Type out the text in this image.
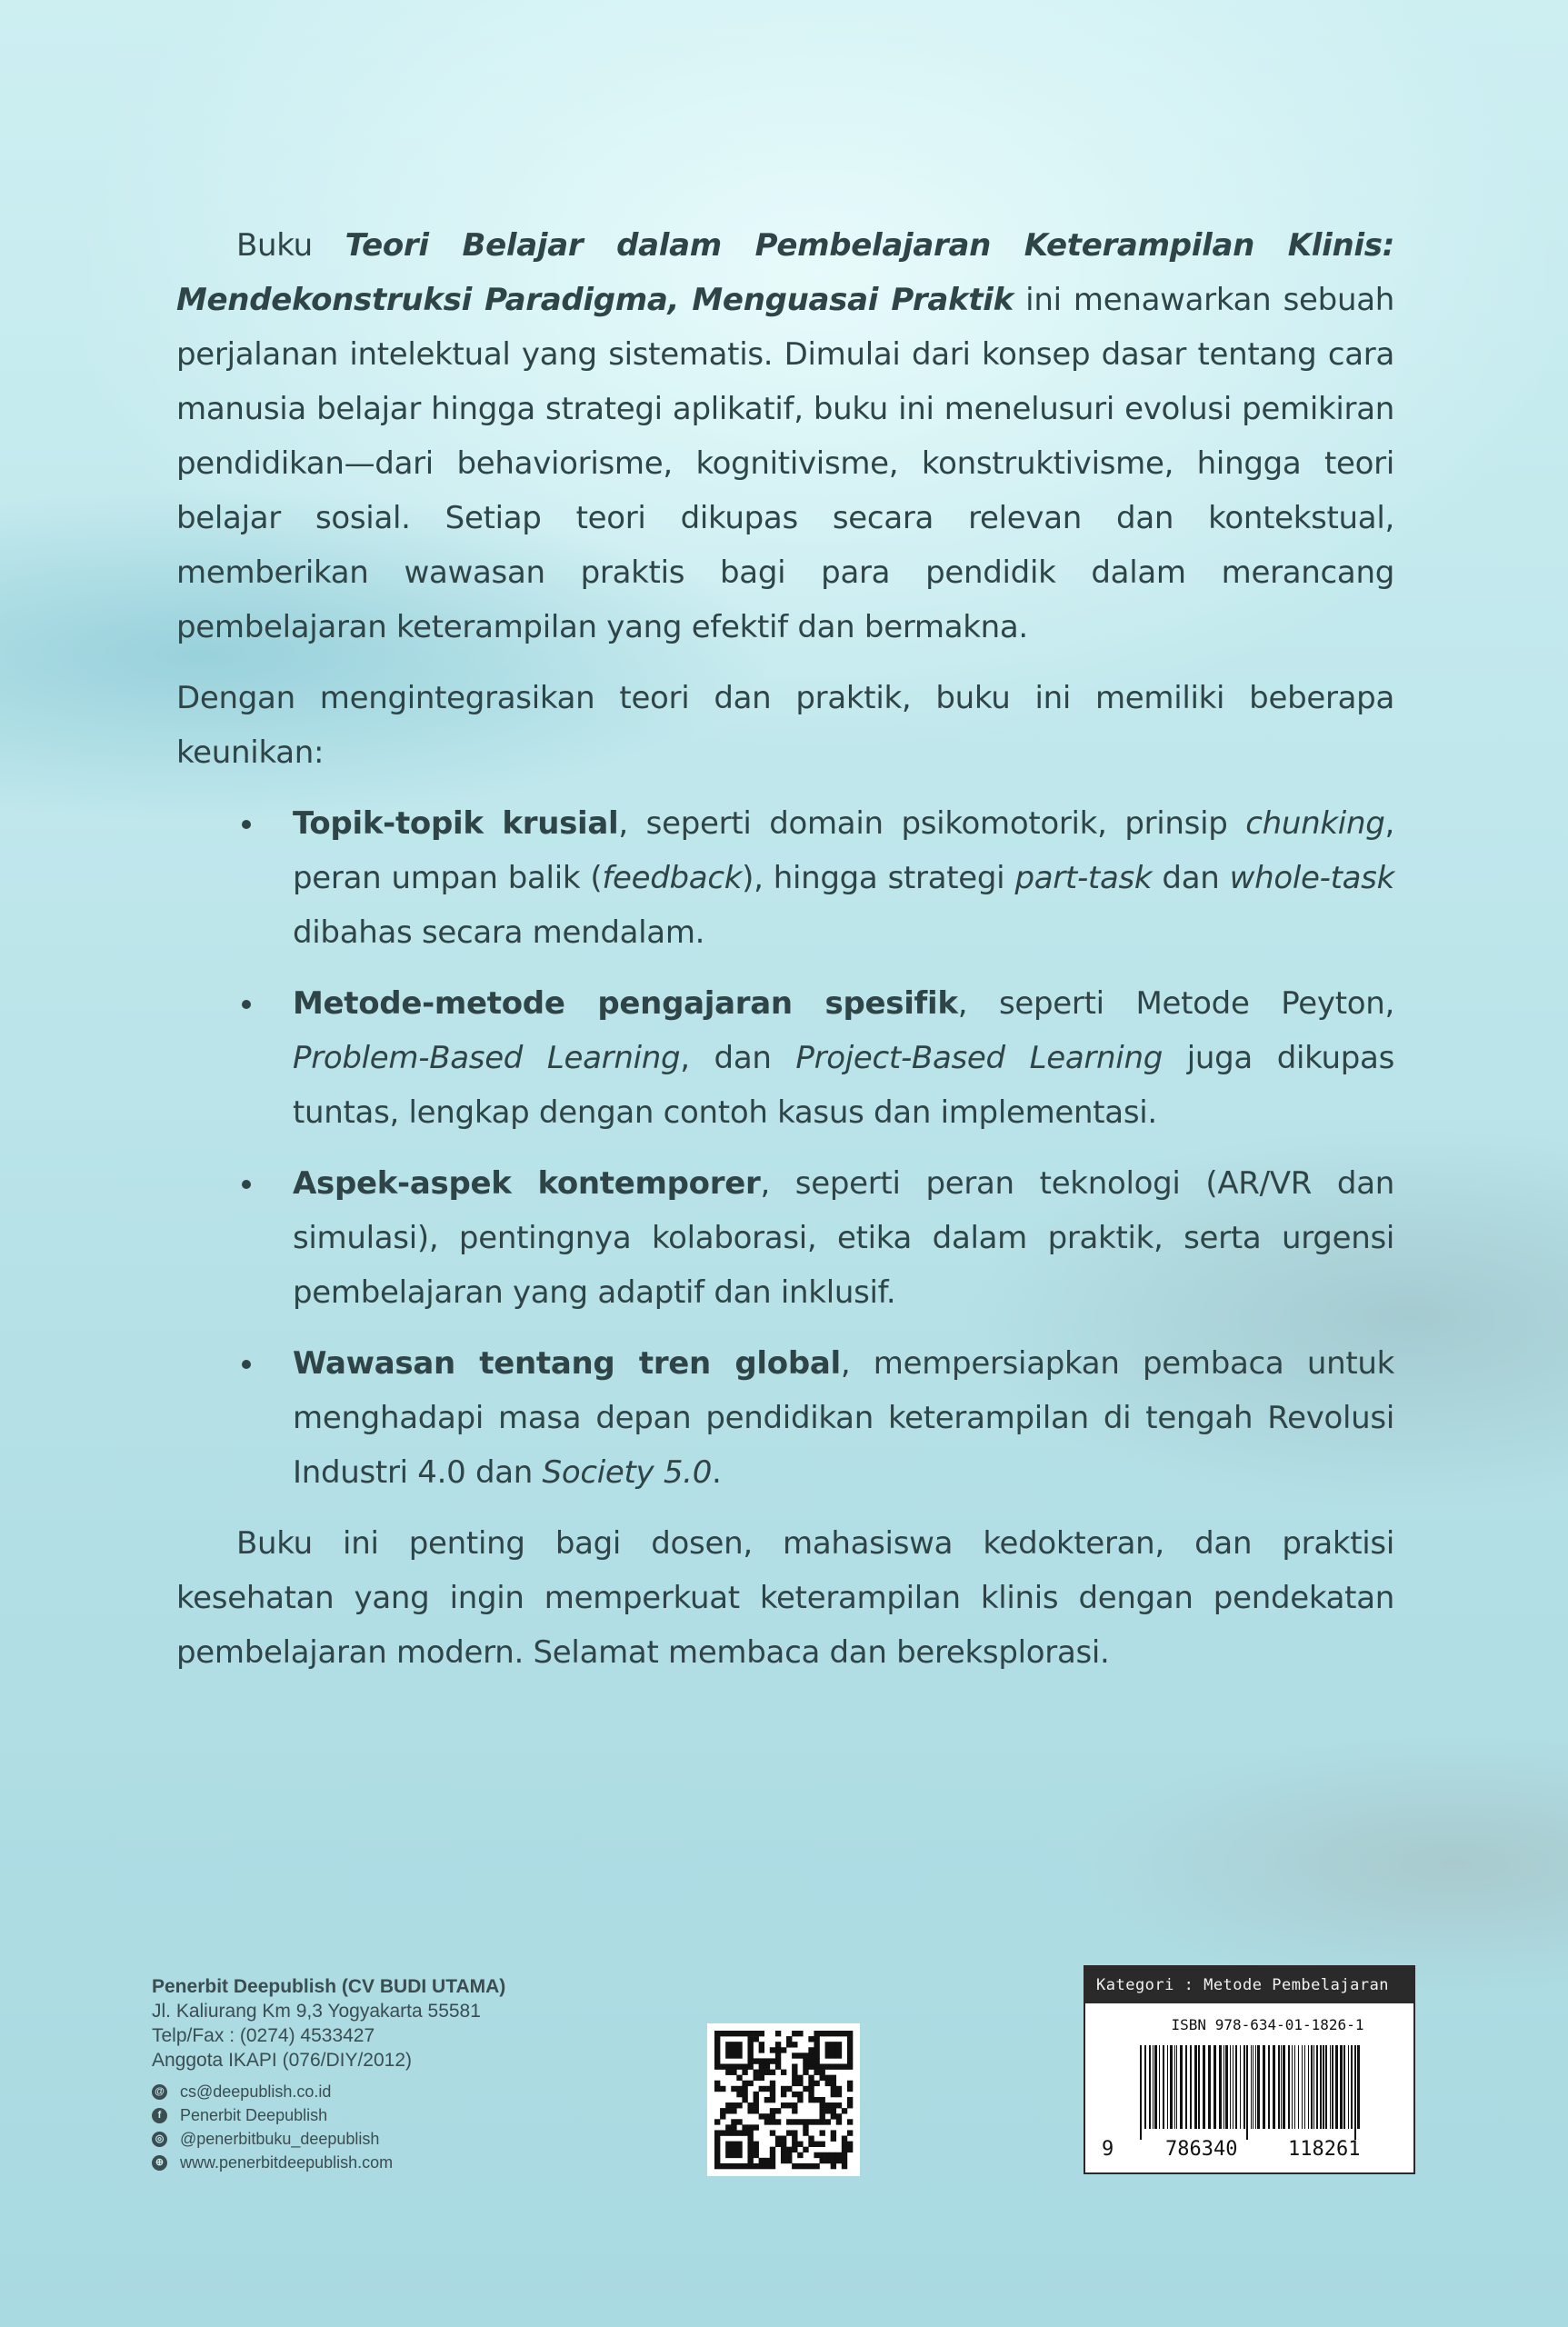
Buku Teori Belajar dalam Pembelajaran Keterampilan Klinis: Mendekonstruksi Paradigma, Menguasai Praktik ini menawarkan sebuah perjalanan intelektual yang sistematis. Dimulai dari konsep dasar tentang cara manusia belajar hingga strategi aplikatif, buku ini menelusuri evolusi pemikiran pendidikan—dari behaviorisme, kognitivisme, konstruktivisme, hingga teori belajar sosial. Setiap teori dikupas secara relevan dan kontekstual, memberikan wawasan praktis bagi para pendidik dalam merancang pembelajaran keterampilan yang efektif dan bermakna.

Dengan mengintegrasikan teori dan praktik, buku ini memiliki beberapa keunikan:

Topik-topik krusial, seperti domain psikomotorik, prinsip chunking, peran umpan balik (feedback), hingga strategi part-task dan whole-task dibahas secara mendalam.
Metode-metode pengajaran spesifik, seperti Metode Peyton, Problem-Based Learning, dan Project-Based Learning juga dikupas tuntas, lengkap dengan contoh kasus dan implementasi.
Aspek-aspek kontemporer, seperti peran teknologi (AR/VR dan simulasi), pentingnya kolaborasi, etika dalam praktik, serta urgensi pembelajaran yang adaptif dan inklusif.
Wawasan tentang tren global, mempersiapkan pembaca untuk menghadapi masa depan pendidikan keterampilan di tengah Revolusi Industri 4.0 dan Society 5.0.

Buku ini penting bagi dosen, mahasiswa kedokteran, dan praktisi kesehatan yang ingin memperkuat keterampilan klinis dengan pendekatan pembelajaran modern. Selamat membaca dan bereksplorasi.

Penerbit Deepublish (CV BUDI UTAMA)
Jl. Kaliurang Km 9,3 Yogyakarta 55581
Telp/Fax : (0274) 4533427
Anggota IKAPI (076/DIY/2012)
@ cs@deepublish.co.id
f	Penerbit Deepublish
◎ @penerbitbuku_deepublish
⊕ www.penerbitdeepublish.com
Kategori : Metode Pembelajaran
ISBN 978-634-01-1826-1
9	786340	118261
